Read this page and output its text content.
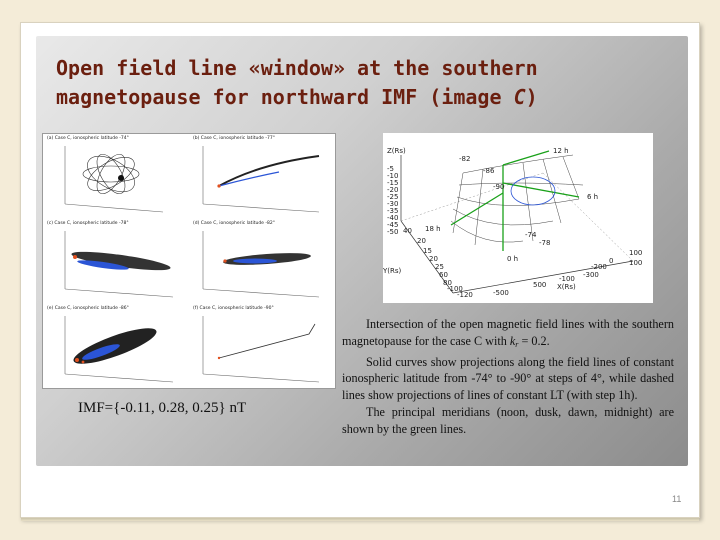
Open field line «window» at the southern
magnetopause for northward IMF (image C)
(a) Case C, ionospheric latitude -74°	(b) Case C, ionospheric latitude -77°
(c) Case C, ionospheric latitude -78°	(d) Case C, ionospheric latitude -82°
(e) Case C, ionospheric latitude -86°	(f) Case C, ionospheric latitude -90°
Z(Rs)
-5
-10
-15
-20
-25
-30
-35
-40
-45
-50
-82
-86
-90
12 h
6 h
18 h
0 h
-74
-78
40
20
15
20
25
60
80
-100
-120
Y(Rs)
100
500
-100 -300
-500
-200
0 100
X(Rs)
IMF={-0.11, 0.28, 0.25} nT

Intersection of the open magnetic field lines with the southern magnetopause for the case C with kr = 0.2.

Solid curves show projections along the field lines of constant ionospheric latitude from -74° to -90° at steps of 4°, while dashed lines show projections of lines of constant LT (with step 1h).

The principal meridians (noon, dusk, dawn, midnight) are shown by the green lines.

11
